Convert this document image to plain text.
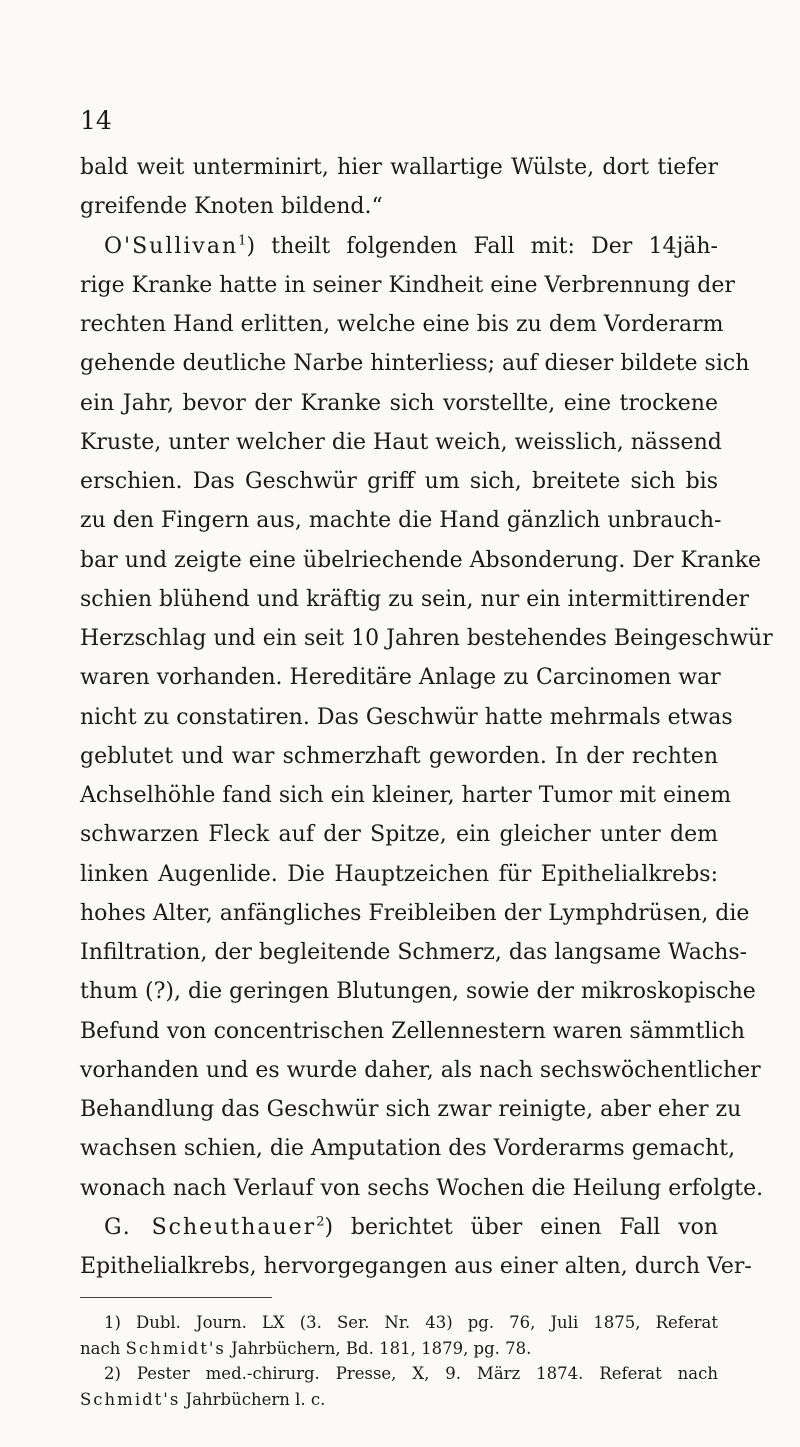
14
bald weit unterminirt, hier wallartige Wülste, dort tiefer
greifende Knoten bildend.“
O'Sullivan$^1$) theilt folgenden Fall mit: Der 14jäh-
rige Kranke hatte in seiner Kindheit eine Verbrennung der
rechten Hand erlitten, welche eine bis zu dem Vorderarm
gehende deutliche Narbe hinterliess; auf dieser bildete sich
ein Jahr, bevor der Kranke sich vorstellte, eine trockene
Kruste, unter welcher die Haut weich, weisslich, nässend
erschien. Das Geschwür griff um sich, breitete sich bis
zu den Fingern aus, machte die Hand gänzlich unbrauch-
bar und zeigte eine übelriechende Absonderung. Der Kranke
schien blühend und kräftig zu sein, nur ein intermittirender
Herzschlag und ein seit 10 Jahren bestehendes Beingeschwür
waren vorhanden. Hereditäre Anlage zu Carcinomen war
nicht zu constatiren. Das Geschwür hatte mehrmals etwas
geblutet und war schmerzhaft geworden. In der rechten
Achselhöhle fand sich ein kleiner, harter Tumor mit einem
schwarzen Fleck auf der Spitze, ein gleicher unter dem
linken Augenlide. Die Hauptzeichen für Epithelialkrebs:
hohes Alter, anfängliches Freibleiben der Lymphdrüsen, die
Infiltration, der begleitende Schmerz, das langsame Wachs-
thum (?), die geringen Blutungen, sowie der mikroskopische
Befund von concentrischen Zellennestern waren sämmtlich
vorhanden und es wurde daher, als nach sechswöchentlicher
Behandlung das Geschwür sich zwar reinigte, aber eher zu
wachsen schien, die Amputation des Vorderarms gemacht,
wonach nach Verlauf von sechs Wochen die Heilung erfolgte.
G. Scheuthauer$^2$) berichtet über einen Fall von
Epithelialkrebs, hervorgegangen aus einer alten, durch Ver-
1) Dubl. Journ. LX (3. Ser. Nr. 43) pg. 76, Juli 1875, Referat
nach Schmidt's Jahrbüchern, Bd. 181, 1879, pg. 78.
2) Pester med.-chirurg. Presse, X, 9. März 1874. Referat nach
Schmidt's Jahrbüchern l. c.
